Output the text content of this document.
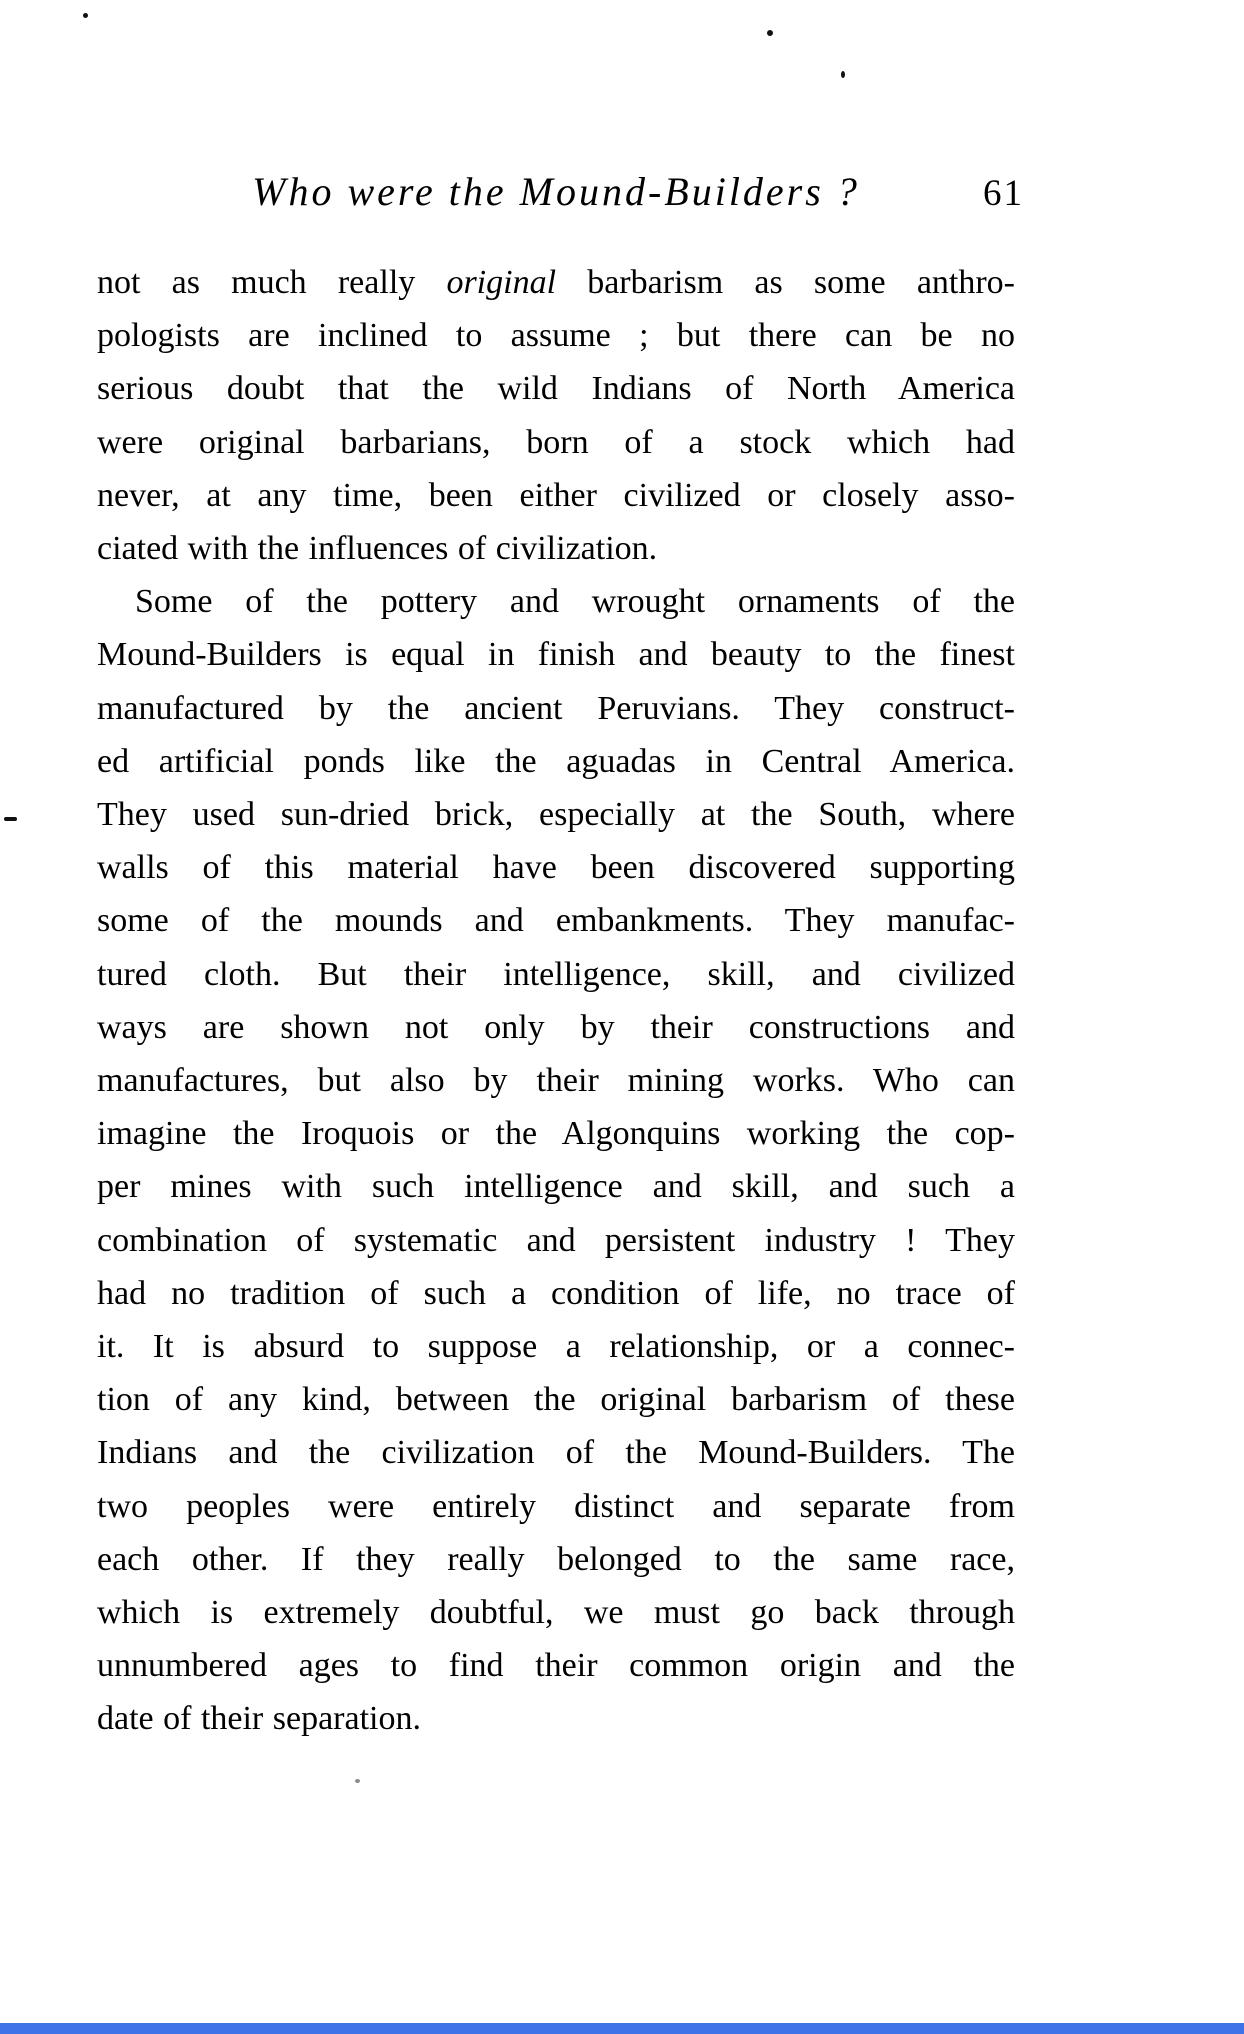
Who were the Mound-Builders ?	61
not as much really original barbarism as some anthro-
pologists are inclined to assume ; but there can be no
serious doubt that the wild Indians of North America
were original barbarians, born of a stock which had
never, at any time, been either civilized or closely asso-
ciated with the influences of civilization.
Some of the pottery and wrought ornaments of the
Mound-Builders is equal in finish and beauty to the finest
manufactured by the ancient Peruvians. They construct-
ed artificial ponds like the aguadas in Central America.
They used sun-dried brick, especially at the South, where
walls of this material have been discovered supporting
some of the mounds and embankments. They manufac-
tured cloth. But their intelligence, skill, and civilized
ways are shown not only by their constructions and
manufactures, but also by their mining works. Who can
imagine the Iroquois or the Algonquins working the cop-
per mines with such intelligence and skill, and such a
combination of systematic and persistent industry ! They
had no tradition of such a condition of life, no trace of
it. It is absurd to suppose a relationship, or a connec-
tion of any kind, between the original barbarism of these
Indians and the civilization of the Mound-Builders. The
two peoples were entirely distinct and separate from
each other. If they really belonged to the same race,
which is extremely doubtful, we must go back through
unnumbered ages to find their common origin and the
date of their separation.
